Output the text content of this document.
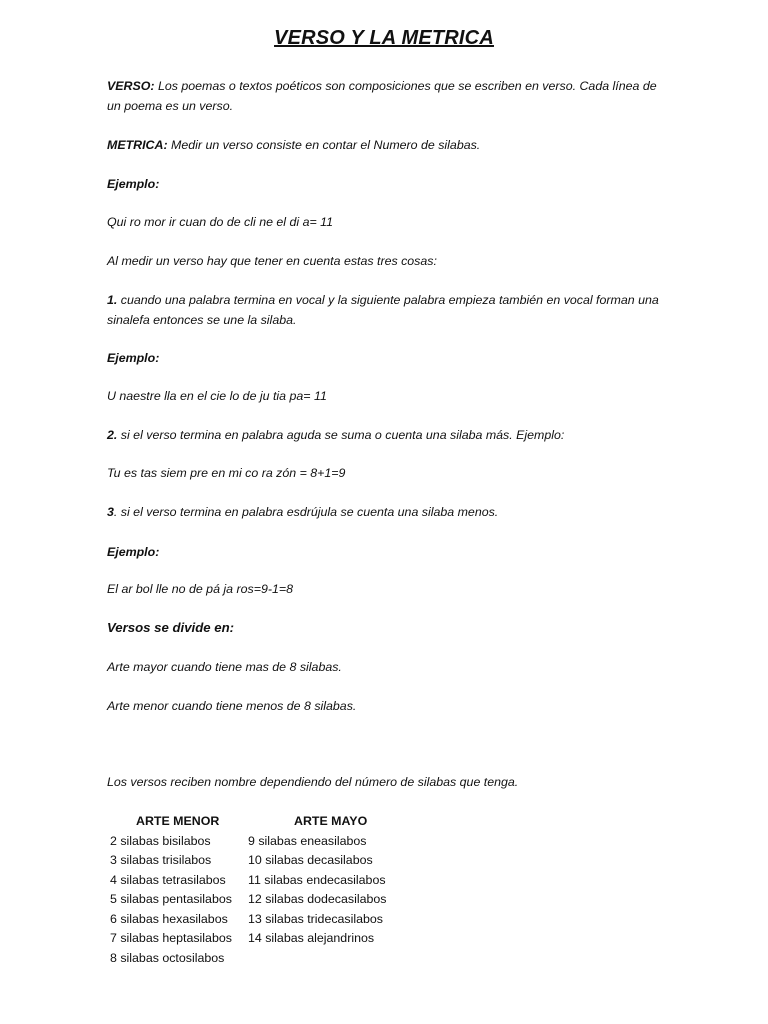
VERSO Y LA METRICA
VERSO: Los poemas o textos poéticos son composiciones que se escriben en verso. Cada línea de un poema es un verso.
METRICA: Medir un verso consiste en contar el Numero de silabas.
Ejemplo:
Qui ro mor ir cuan do de cli ne el di a= 11
Al medir un verso hay que tener en cuenta estas tres cosas:
1. cuando una palabra termina en vocal y la siguiente palabra empieza también en vocal forman una sinalefa entonces se une la silaba.
Ejemplo:
U naestre lla en el cie lo de ju tia pa= 11
2. si el verso termina en palabra aguda se suma o cuenta una silaba más. Ejemplo:
Tu es tas siem pre en mi co ra zón = 8+1=9
3. si el verso termina en palabra esdrújula se cuenta una silaba menos.
Ejemplo:
El ar bol lle no de pá ja ros=9-1=8
Versos se divide en:
Arte mayor cuando tiene mas de 8 silabas.
Arte menor cuando tiene menos de 8 silabas.
Los versos reciben nombre dependiendo del número de silabas que tenga.
ARTE MENOR
2 silabas bisilabos
3 silabas trisilabos
4 silabas tetrasilabos
5 silabas pentasilabos
6 silabas hexasilabos
7 silabas heptasilabos
8 silabas octosilabos
ARTE MAYO
9 silabas eneasilabos
10 silabas decasilabos
11 silabas endecasilabos
12 silabas dodecasilabos
13 silabas tridecasilabos
14 silabas alejandrinos
